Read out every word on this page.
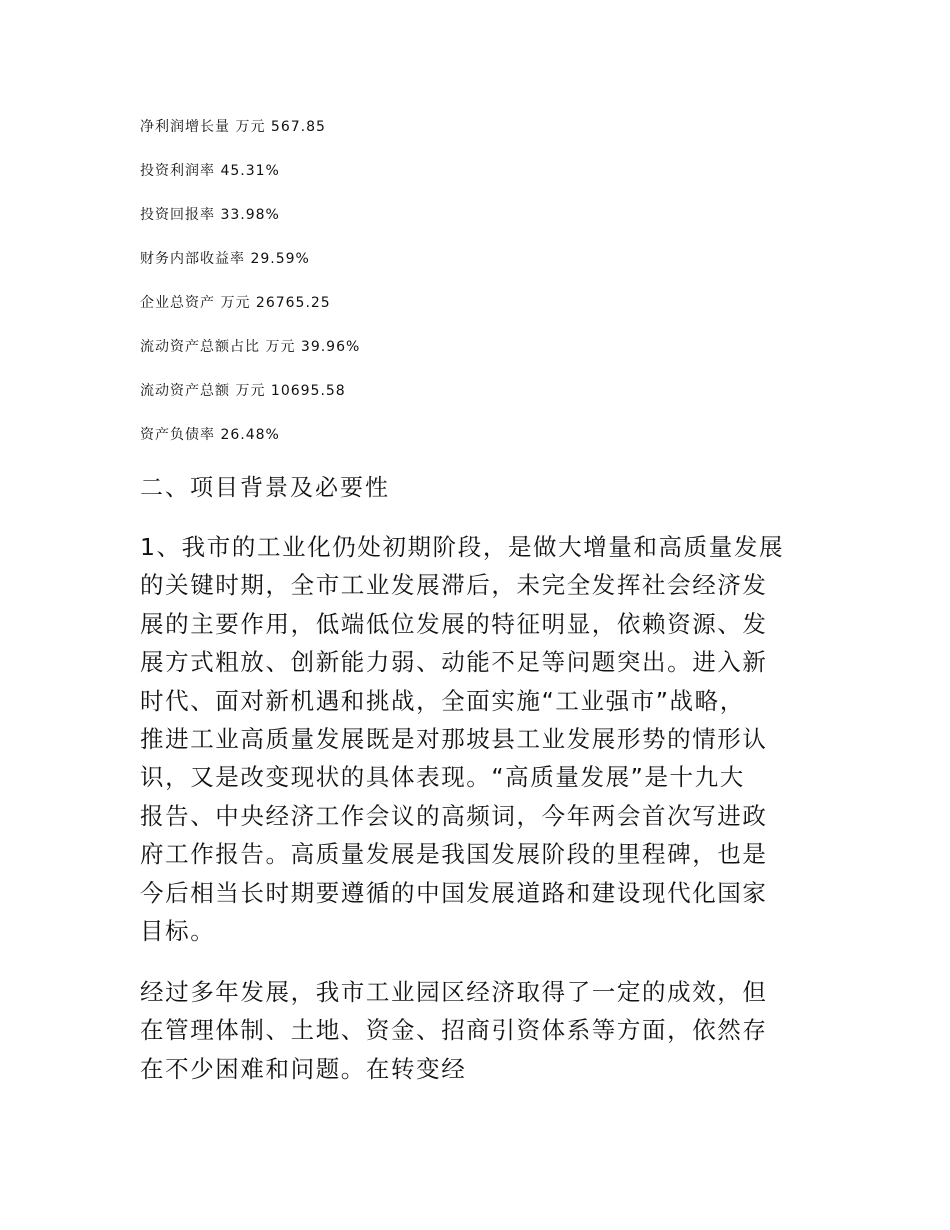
净利润增长量 万元 567.85
投资利润率 45.31%
投资回报率 33.98%
财务内部收益率 29.59%
企业总资产 万元 26765.25
流动资产总额占比 万元 39.96%
流动资产总额 万元 10695.58
资产负债率 26.48%
二、项目背景及必要性
1、我市的工业化仍处初期阶段，是做大增量和高质量发展
的关键时期，全市工业发展滞后，未完全发挥社会经济发
展的主要作用，低端低位发展的特征明显，依赖资源、发
展方式粗放、创新能力弱、动能不足等问题突出。进入新
时代、面对新机遇和挑战，全面实施“工业强市”战略，
推进工业高质量发展既是对那坡县工业发展形势的情形认
识，又是改变现状的具体表现。“高质量发展”是十九大
报告、中央经济工作会议的高频词，今年两会首次写进政
府工作报告。高质量发展是我国发展阶段的里程碑，也是
今后相当长时期要遵循的中国发展道路和建设现代化国家
目标。
经过多年发展，我市工业园区经济取得了一定的成效，但
在管理体制、土地、资金、招商引资体系等方面，依然存
在不少困难和问题。在转变经
